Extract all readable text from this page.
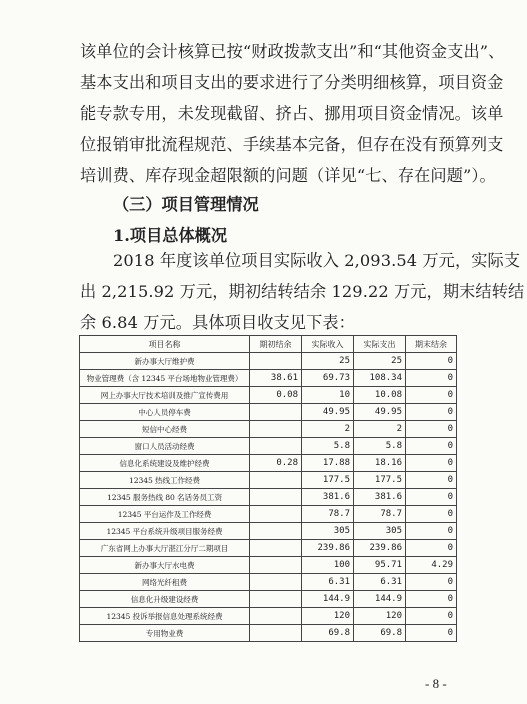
该单位的会计核算已按“财政拨款支出”和“其他资金支出”、
基本支出和项目支出的要求进行了分类明细核算，项目资金
能专款专用，未发现截留、挤占、挪用项目资金情况。该单
位报销审批流程规范、手续基本完备，但存在没有预算列支
培训费、库存现金超限额的问题（详见“七、存在问题”）。

（三）项目管理情况

1.项目总体概况

2018 年度该单位项目实际收入 2,093.54 万元，实际支
出 2,215.92 万元，期初结转结余 129.22 万元，期末结转结
余 6.84 万元。具体项目收支见下表：

项目名称	期初结余	实际收入	实际支出	期末结余
新办事大厅维护费		25	25	0
物业管理费（含 12345 平台场地物业管理费）	38.61	69.73	108.34	0
网上办事大厅技术培训及推广宣传费用	0.08	10	10.08	0
中心人员停车费		49.95	49.95	0
短信中心经费		2	2	0
窗口人员活动经费		5.8	5.8	0
信息化系统建设及维护经费	0.28	17.88	18.16	0
12345 热线工作经费		177.5	177.5	0
12345 服务热线 80 名话务员工资		381.6	381.6	0
12345 平台运作及工作经费		78.7	78.7	0
12345 平台系统升级项目服务经费		305	305	0
广东省网上办事大厅湛江分厅二期项目		239.86	239.86	0
新办事大厅水电费		100	95.71	4.29
网络光纤租费		6.31	6.31	0
信息化升级建设经费		144.9	144.9	0
12345 投诉举报信息处理系统经费		120	120	0
专用物业费		69.8	69.8	0
- 8 -
